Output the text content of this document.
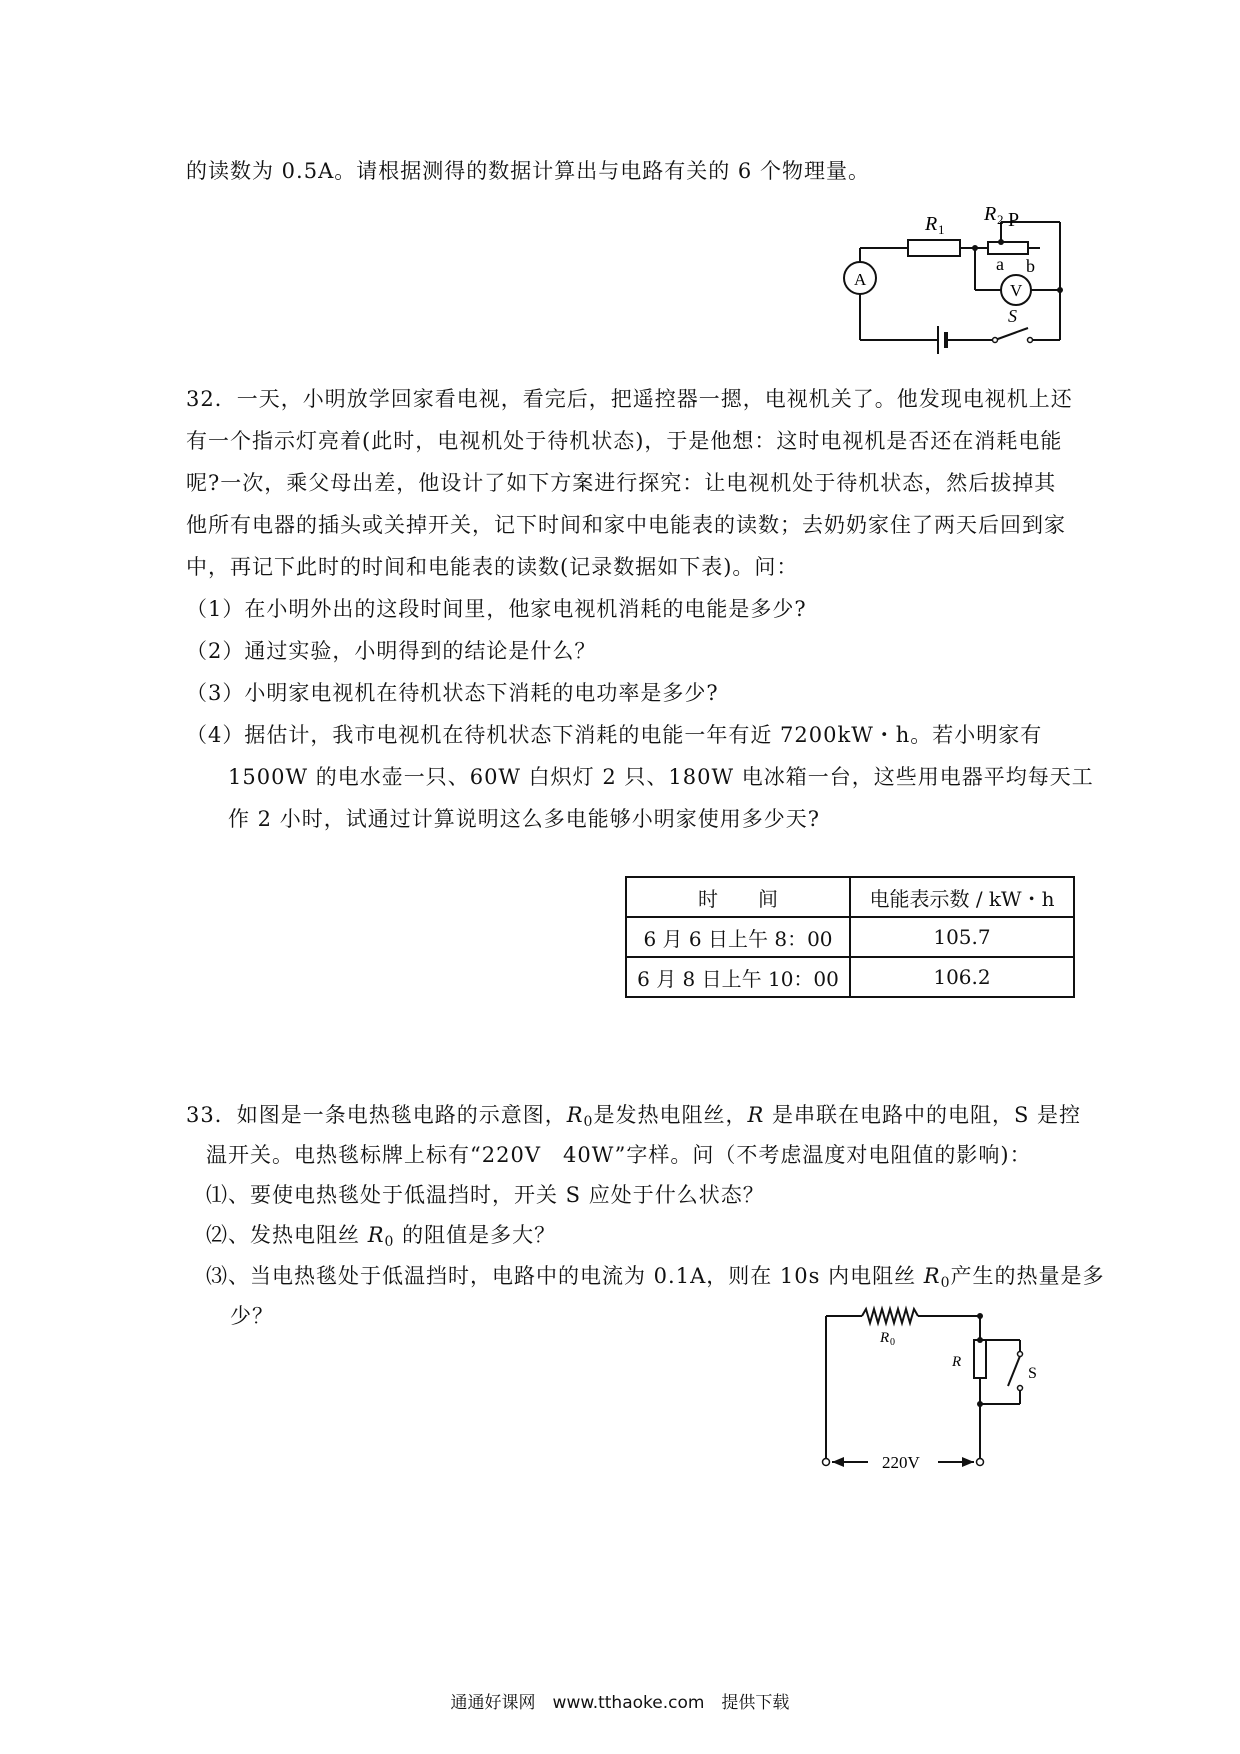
的读数为 0.5A。请根据测得的数据计算出与电路有关的 6 个物理量。
R 1
R 2 P
a b
A
V
S
32．一天，小明放学回家看电视，看完后，把遥控器一摁，电视机关了。他发现电视机上还
有一个指示灯亮着(此时，电视机处于待机状态)，于是他想：这时电视机是否还在消耗电能
呢?一次，乘父母出差，他设计了如下方案进行探究：让电视机处于待机状态，然后拔掉其
他所有电器的插头或关掉开关，记下时间和家中电能表的读数；去奶奶家住了两天后回到家
中，再记下此时的时间和电能表的读数(记录数据如下表)。问：
（1）在小明外出的这段时间里，他家电视机消耗的电能是多少?
（2）通过实验，小明得到的结论是什么？
（3）小明家电视机在待机状态下消耗的电功率是多少?
（4）据估计，我市电视机在待机状态下消耗的电能一年有近 7200kW・h。若小明家有
1500W 的电水壶一只、60W 白炽灯 2 只、180W 电冰箱一台，这些用电器平均每天工
作 2 小时，试通过计算说明这么多电能够小明家使用多少天?
时　　间	电能表示数 / kW・h
6 月 6 日上午 8：00	105.7
6 月 8 日上午 10：00	106.2
33．如图是一条电热毯电路的示意图，$R_0$是发热电阻丝，R 是串联在电路中的电阻，S 是控
温开关。电热毯标牌上标有“220V　40W”字样。问（不考虑温度对电阻值的影响)：
⑴、要使电热毯处于低温挡时，开关 S 应处于什么状态？
⑵、发热电阻丝 $R_0$ 的阻值是多大？
⑶、当电热毯处于低温挡时，电路中的电流为 0.1A，则在 10s 内电阻丝 $R_0$产生的热量是多
少？
R 0
R
S
220V
通通好课网　www.tthaoke.com　提供下载
